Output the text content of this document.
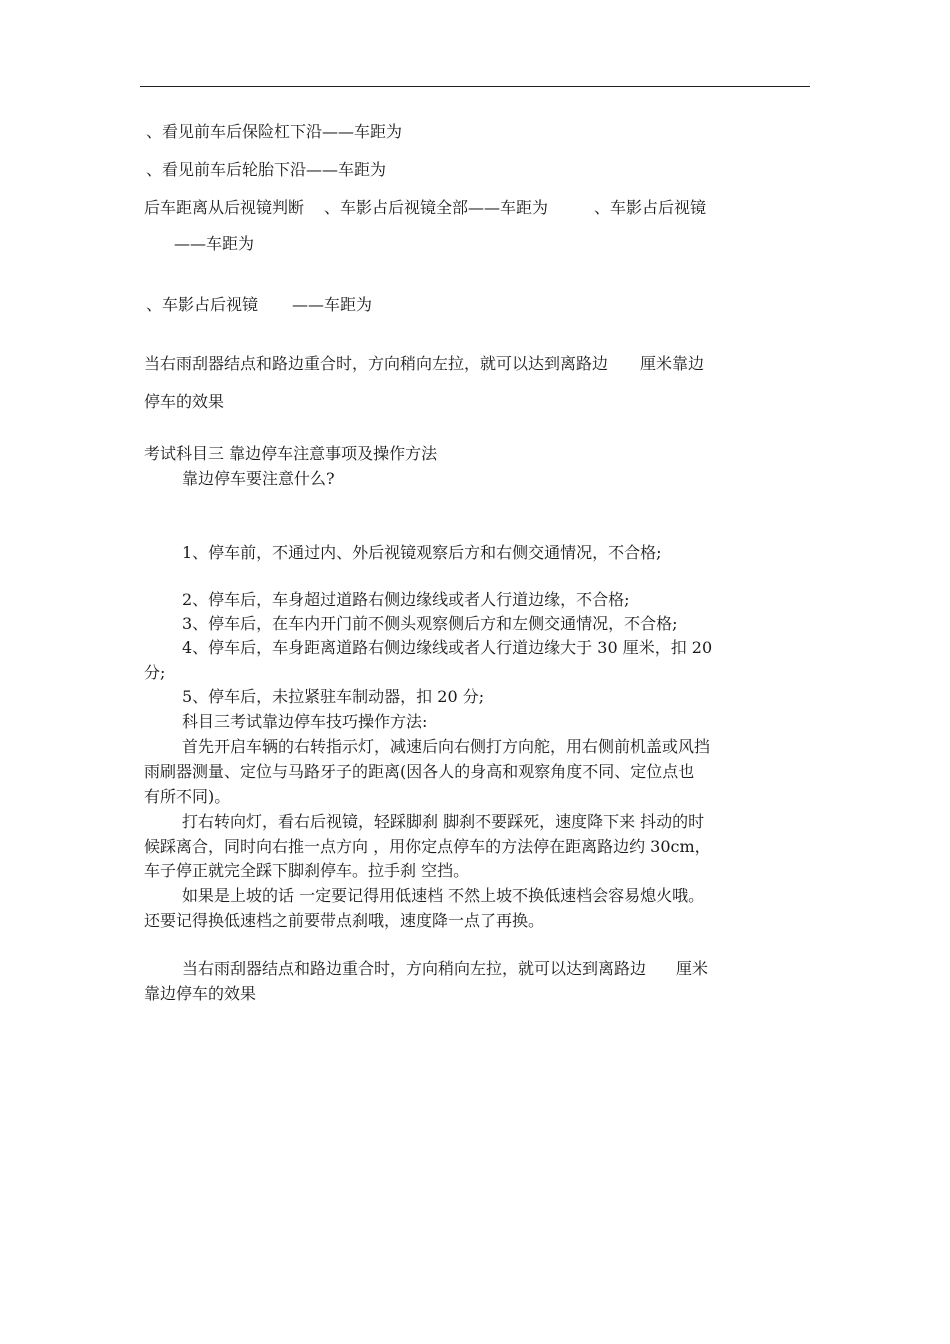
、看见前车后保险杠下沿——车距为
、看见前车后轮胎下沿——车距为
后车距离从后视镜判断 、车影占后视镜全部——车距为	、车影占后视镜
——车距为
、车影占后视镜 ——车距为
当右雨刮器结点和路边重合时，方向稍向左拉，就可以达到离路边 厘米靠边
停车的效果
考试科目三 靠边停车注意事项及操作方法
靠边停车要注意什么?
1、停车前，不通过内、外后视镜观察后方和右侧交通情况，不合格;
2、停车后，车身超过道路右侧边缘线或者人行道边缘，不合格;
3、停车后，在车内开门前不侧头观察侧后方和左侧交通情况，不合格;
4、停车后，车身距离道路右侧边缘线或者人行道边缘大于 30 厘米，扣 20
分;
5、停车后，未拉紧驻车制动器，扣 20 分;
科目三考试靠边停车技巧操作方法:
首先开启车辆的右转指示灯，减速后向右侧打方向舵，用右侧前机盖或风挡
雨刷器测量、定位与马路牙子的距离(因各人的身高和观察角度不同、定位点也
有所不同)。
打右转向灯，看右后视镜，轻踩脚刹 脚刹不要踩死，速度降下来 抖动的时
候踩离合，同时向右推一点方向 ，用你定点停车的方法停在距离路边约 30cm，
车子停正就完全踩下脚刹停车。拉手刹 空挡。
如果是上坡的话 一定要记得用低速档 不然上坡不换低速档会容易熄火哦。
还要记得换低速档之前要带点刹哦，速度降一点了再换。
当右雨刮器结点和路边重合时，方向稍向左拉，就可以达到离路边 厘米
靠边停车的效果
